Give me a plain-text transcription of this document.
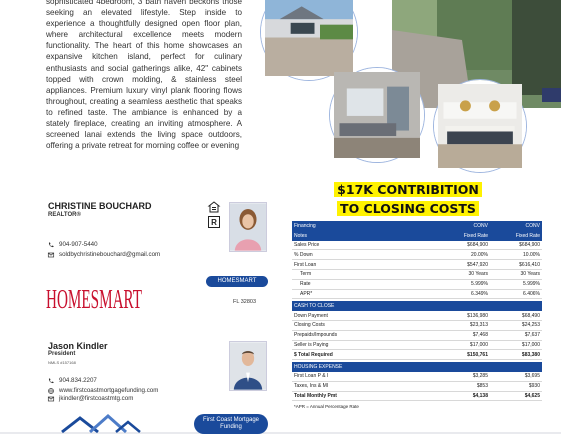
sophisticated 4bedroom, 3 bath haven beckons those seeking an elevated lifestyle. Step inside to experience a thoughtfully designed open floor plan, where architectural excellence meets modern functionality. The heart of this home showcases an expansive kitchen island, perfect for culinary enthusiasts and social gatherings alike, 42" cabinets topped with crown molding, & stainless steel appliances. Premium luxury vinyl plank flooring flows throughout, creating a seamless aesthetic that speaks to refined taste. The ambiance is enhanced by a stately fireplace, creating an inviting atmosphere. A screened lanai extends the living space outdoors, offering a private retreat for morning coffee or evening

$17K CONTRIBITION
TO CLOSING COSTS
CHRISTINE BOUCHARD
REALTOR®
R
904-907-5440
soldbychristinebouchard@gmail.com
HOMESMART
HOMESMART
FL 32803
Jason Kindler
President
NMLS #157168
904.834.2207
www.firstcoastmortgagefunding.com
jkindler@firstcoastmtg.com
First Coast Mortgage Funding
Financing	CONV	CONV
Notes	Fixed Rate	Fixed Rate
Sales Price	$684,900	$684,900
% Down	20.00%	10.00%
First Loan	$547,920	$616,410
Term	30 Years	30 Years
Rate	5.999%	5.999%
APR*	6.349%	6.406%
CASH TO CLOSE
Down Payment	$136,980	$68,490
Closing Costs	$23,313	$24,253
Prepaids/Impounds	$7,468	$7,637
Seller is Paying	$17,000	$17,000
$ Total Required	$150,761	$83,380
HOUSING EXPENSE
First Loan P & I	$3,285	$3,695
Taxes, Ins & MI	$853	$930
Total Monthly Pmt	$4,138	$4,625
*APR = Annual Percentage Rate
